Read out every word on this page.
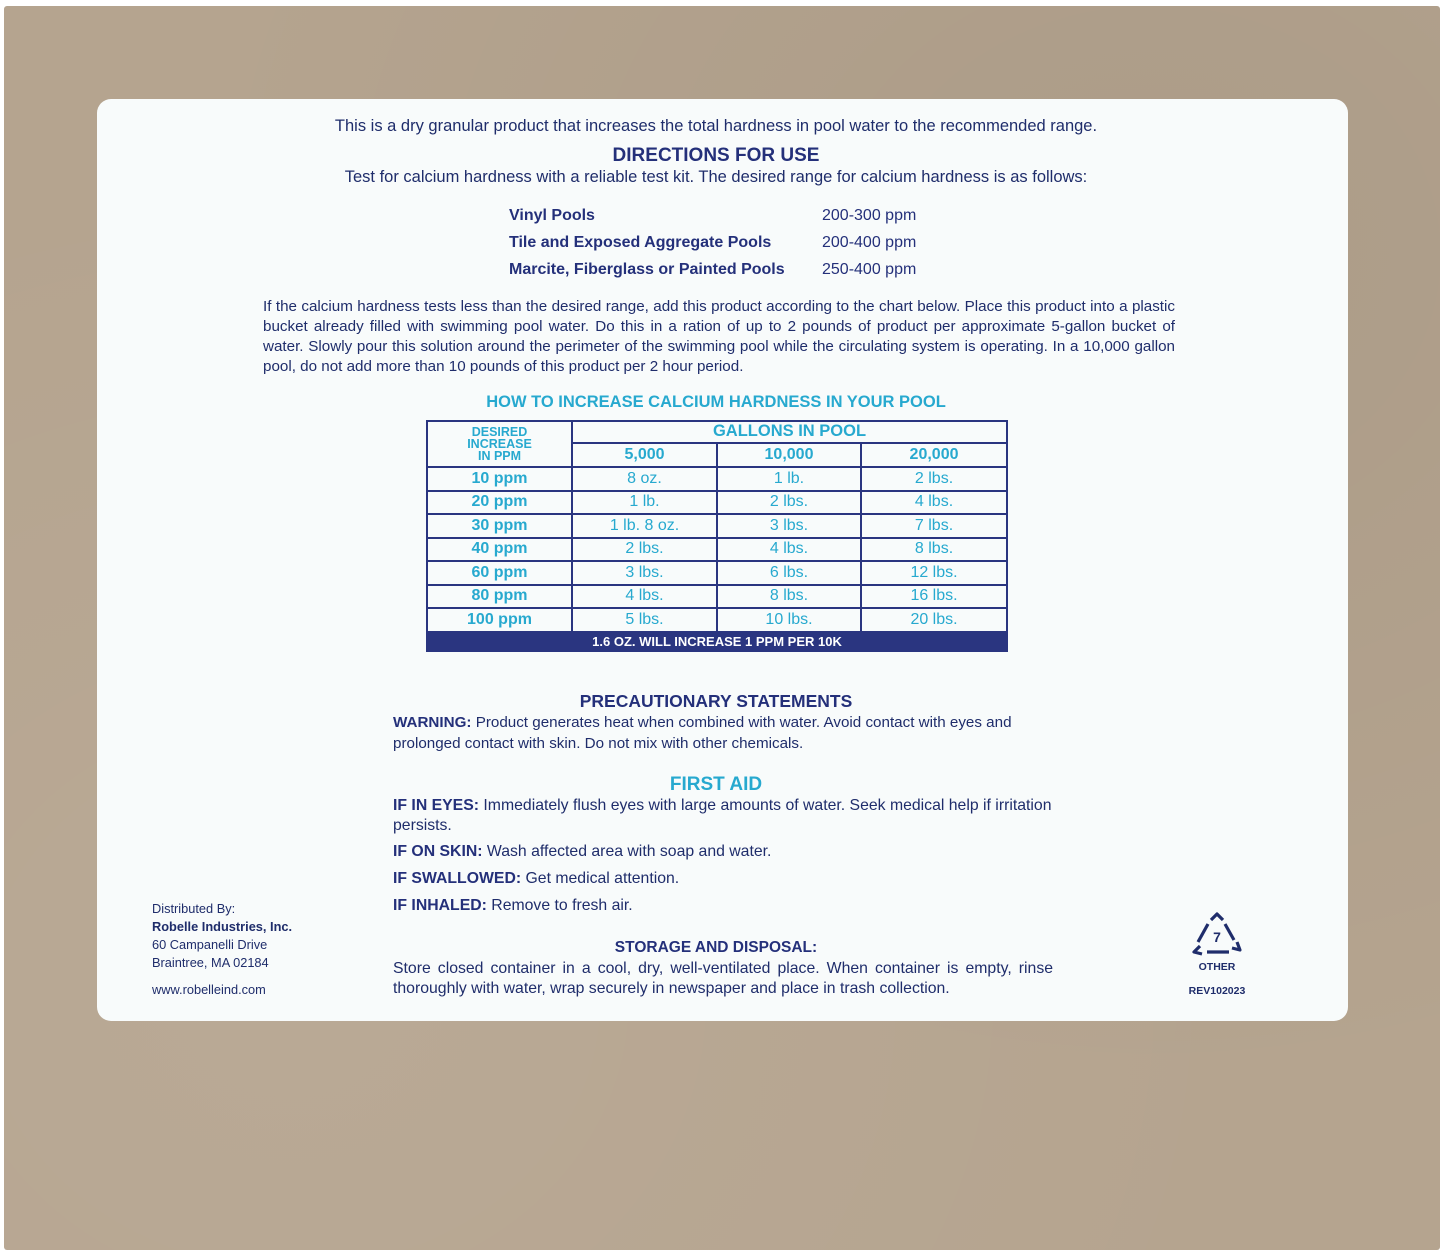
This is a dry granular product that increases the total hardness in pool water to the recommended range.
DIRECTIONS FOR USE
Test for calcium hardness with a reliable test kit. The desired range for calcium hardness is as follows:
Vinyl Pools	200-300 ppm
Tile and Exposed Aggregate Pools	200-400 ppm
Marcite, Fiberglass or Painted Pools 250-400 ppm
If the calcium hardness tests less than the desired range, add this product according to the chart below. Place this product into a plastic bucket already filled with swimming pool water. Do this in a ration of up to 2 pounds of product per approximate 5-gallon bucket of water. Slowly pour this solution around the perimeter of the swimming pool while the circulating system is operating. In a 10,000 gallon pool, do not add more than 10 pounds of this product per 2 hour period.
HOW TO INCREASE CALCIUM HARDNESS IN YOUR POOL
DESIRED
INCREASE
IN PPM	GALLONS IN POOL		
	5,000	10,000	20,000
10 ppm	8 oz.	1 lb.	2 lbs.
20 ppm	1 lb.	2 lbs.	4 lbs.
30 ppm	1 lb. 8 oz.	3 lbs.	7 lbs.
40 ppm	2 lbs.	4 lbs.	8 lbs.
60 ppm	3 lbs.	6 lbs.	12 lbs.
80 ppm	4 lbs.	8 lbs.	16 lbs.
100 ppm	5 lbs.	10 lbs.	20 lbs.
1.6 OZ. WILL INCREASE 1 PPM PER 10K			
PRECAUTIONARY STATEMENTS
WARNING: Product generates heat when combined with water. Avoid contact with eyes and prolonged contact with skin. Do not mix with other chemicals.
FIRST AID
IF IN EYES: Immediately flush eyes with large amounts of water. Seek medical help if irritation persists.
IF ON SKIN: Wash affected area with soap and water.
IF SWALLOWED: Get medical attention.
IF INHALED: Remove to fresh air.
STORAGE AND DISPOSAL:
Store closed container in a cool, dry, well-ventilated place. When container is empty, rinse thoroughly with water, wrap securely in newspaper and place in trash collection.
Distributed By:
Robelle Industries, Inc.
60 Campanelli Drive
Braintree, MA 02184
www.robelleind.com
7
OTHER
REV102023
